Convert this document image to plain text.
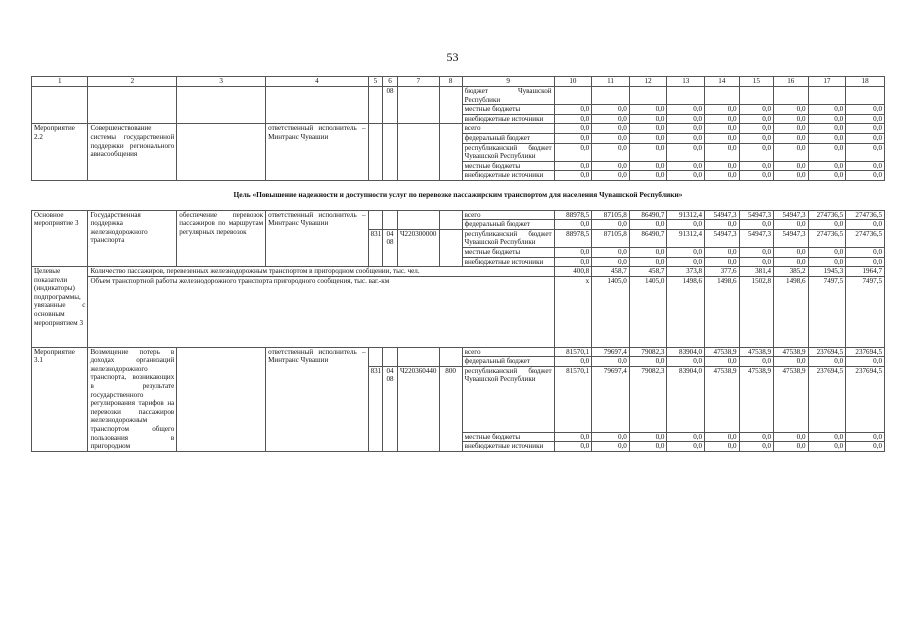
53
1	2	3	4	5	6	7	8	9	10	11	12	13	14	15	16	17	18
					08			бюджет Чувашской Республики									
								местные бюджеты	0,0	0,0	0,0	0,0	0,0	0,0	0,0	0,0	0,0
								внебюджетные источники	0,0	0,0	0,0	0,0	0,0	0,0	0,0	0,0	0,0
Мероприятие 2.2	Совершенствование системы государственной поддержки регионального авиасообщения		ответственный исполнитель – Минтранс Чувашии					всего	0,0	0,0	0,0	0,0	0,0	0,0	0,0	0,0	0,0
								федеральный бюджет	0,0	0,0	0,0	0,0	0,0	0,0	0,0	0,0	0,0
								республиканский бюджет Чувашской Республики	0,0	0,0	0,0	0,0	0,0	0,0	0,0	0,0	0,0
								местные бюджеты	0,0	0,0	0,0	0,0	0,0	0,0	0,0	0,0	0,0
								внебюджетные источники	0,0	0,0	0,0	0,0	0,0	0,0	0,0	0,0	0,0
Цель «Повышение надежности и доступности услуг по перевозке пассажирским транспортом для населения Чувашской Республики»																	
Основное мероприятие 3	Государственная поддержка железнодорожного транспорта	обеспечение перевозок пассажиров по маршрутам регулярных перевозок	ответственный исполнитель – Минтранс Чувашии					всего	88978,5	87105,8	86490,7	91312,4	54947,3	54947,3	54947,3	274736,5	274736,5
								федеральный бюджет	0,0	0,0	0,0	0,0	0,0	0,0	0,0	0,0	0,0
				831	04 08	Ч220300000		республиканский бюджет Чувашской Республики	88978,5	87105,8	86490,7	91312,4	54947,3	54947,3	54947,3	274736,5	274736,5
								местные бюджеты	0,0	0,0	0,0	0,0	0,0	0,0	0,0	0,0	0,0
								внебюджетные источники	0,0	0,0	0,0	0,0	0,0	0,0	0,0	0,0	0,0
Целевые показатели (индикаторы) подпрограммы, увязанные с основным мероприятием 3	Количество пассажиров, перевезенных железнодорожным транспортом в пригородном сообщении, тыс. чел.								400,8	458,7	458,7	373,8	377,6	381,4	385,2	1945,3	1964,7
	Объем транспортной работы железнодорожного транспорта пригородного сообщения, тыс. ваг.-км								x	1405,0	1405,0	1498,6	1498,6	1502,8	1498,6	7497,5	7497,5
Мероприятие 3.1	Возмещение потерь в доходах организаций железнодорожного транспорта, возникающих в результате государственного регулирования тарифов на перевозки пассажиров железнодорожным транспортом общего пользования в пригородном		ответственный исполнитель – Минтранс Чувашии					всего	81570,1	79697,4	79082,3	83904,0	47538,9	47538,9	47538,9	237694,5	237694,5
								федеральный бюджет	0,0	0,0	0,0	0,0	0,0	0,0	0,0	0,0	0,0
				831	04 08	Ч220360440	800	республиканский бюджет Чувашской Республики	81570,1	79697,4	79082,3	83904,0	47538,9	47538,9	47538,9	237694,5	237694,5
								местные бюджеты	0,0	0,0	0,0	0,0	0,0	0,0	0,0	0,0	0,0
								внебюджетные источники	0,0	0,0	0,0	0,0	0,0	0,0	0,0	0,0	0,0
